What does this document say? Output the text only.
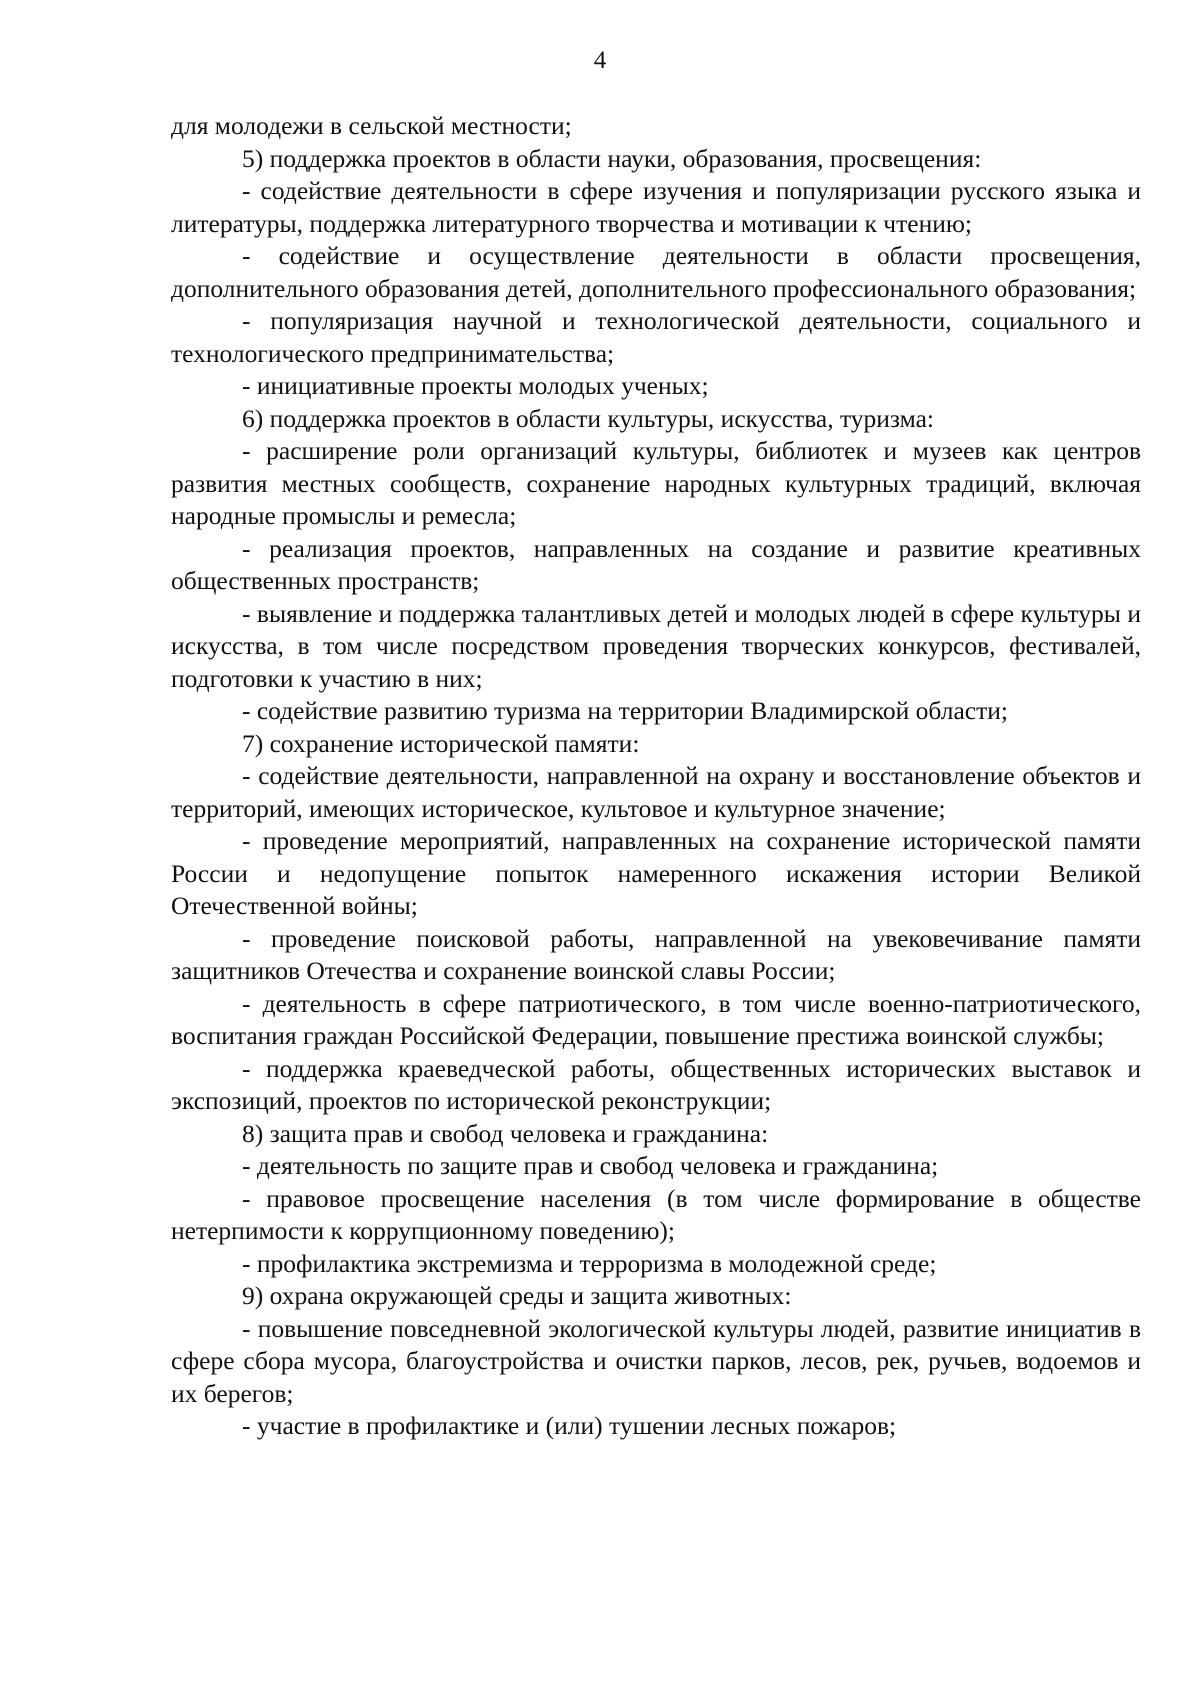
4

для молодежи в сельской местности;

5) поддержка проектов в области науки, образования, просвещения:

- содействие деятельности в сфере изучения и популяризации русского языка и литературы, поддержка литературного творчества и мотивации к чтению;

- содействие и осуществление деятельности в области просвещения, дополнительного образования детей, дополнительного профессионального образования;

- популяризация научной и технологической деятельности, социального и технологического предпринимательства;

- инициативные проекты молодых ученых;

6) поддержка проектов в области культуры, искусства, туризма:

- расширение роли организаций культуры, библиотек и музеев как центров развития местных сообществ, сохранение народных культурных традиций, включая народные промыслы и ремесла;

- реализация проектов, направленных на создание и развитие креативных общественных пространств;

- выявление и поддержка талантливых детей и молодых людей в сфере культуры и искусства, в том числе посредством проведения творческих конкурсов, фестивалей, подготовки к участию в них;

- содействие развитию туризма на территории Владимирской области;

7) сохранение исторической памяти:

- содействие деятельности, направленной на охрану и восстановление объектов и территорий, имеющих историческое, культовое и культурное значение;

- проведение мероприятий, направленных на сохранение исторической памяти России и недопущение попыток намеренного искажения истории Великой Отечественной войны;

- проведение поисковой работы, направленной на увековечивание памяти защитников Отечества и сохранение воинской славы России;

- деятельность в сфере патриотического, в том числе военно-патриотического, воспитания граждан Российской Федерации, повышение престижа воинской службы;

- поддержка краеведческой работы, общественных исторических выставок и экспозиций, проектов по исторической реконструкции;

8) защита прав и свобод человека и гражданина:

- деятельность по защите прав и свобод человека и гражданина;

- правовое просвещение населения (в том числе формирование в обществе нетерпимости к коррупционному поведению);

- профилактика экстремизма и терроризма в молодежной среде;

9) охрана окружающей среды и защита животных:

- повышение повседневной экологической культуры людей, развитие инициатив в сфере сбора мусора, благоустройства и очистки парков, лесов, рек, ручьев, водоемов и их берегов;

- участие в профилактике и (или) тушении лесных пожаров;
